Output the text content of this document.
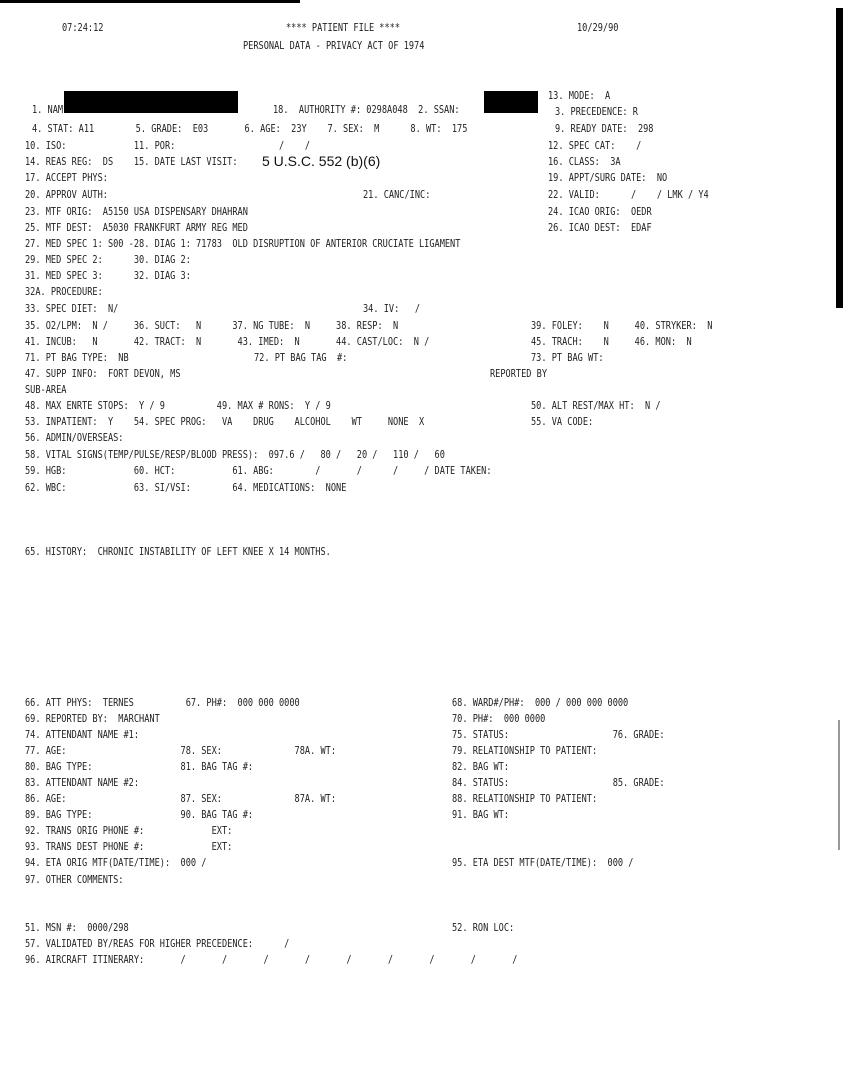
07:24:12	**** PATIENT FILE ****	10/29/90
PERSONAL DATA - PRIVACY ACT OF 1974
13. MODE:  A
1. NAM	18.  AUTHORITY #: 0298A048  2. SSAN:	3. PRECEDENCE: R
4. STAT: A11        5. GRADE:  E03       6. AGE:  23Y    7. SEX:  M      8. WT:  175	9. READY DATE:  298
10. ISO:             11. POR:                    /    /	12. SPEC CAT:    /
14. REAS REG:  DS    15. DATE LAST VISIT: 5 U.S.C. 552 (b)(6)	16. CLASS:  3A
17. ACCEPT PHYS:	19. APPT/SURG DATE:  NO
20. APPROV AUTH:	21. CANC/INC:	22. VALID:      /    / LMK / Y4
23. MTF ORIG:  A5150 USA DISPENSARY DHAHRAN	24. ICAO ORIG:  OEDR
25. MTF DEST:  A5030 FRANKFURT ARMY REG MED	26. ICAO DEST:  EDAF
27. MED SPEC 1: S00 -28. DIAG 1: 71783  OLD DISRUPTION OF ANTERIOR CRUCIATE LIGAMENT
29. MED SPEC 2:      30. DIAG 2:
31. MED SPEC 3:      32. DIAG 3:
32A. PROCEDURE:
33. SPEC DIET:  N/	34. IV:   /
35. O2/LPM:  N /     36. SUCT:   N      37. NG TUBE:  N     38. RESP:  N	39. FOLEY:    N     40. STRYKER:  N
41. INCUB:   N       42. TRACT:  N       43. IMED:  N       44. CAST/LOC:  N /	45. TRACH:    N     46. MON:  N
71. PT BAG TYPE:  NB	72. PT BAG TAG  #:	73. PT BAG WT:
47. SUPP INFO:  FORT DEVON, MS	REPORTED BY
SUB-AREA
48. MAX ENRTE STOPS:  Y / 9          49. MAX # RONS:  Y / 9	50. ALT REST/MAX HT:  N /
53. INPATIENT:  Y    54. SPEC PROG:   VA    DRUG    ALCOHOL    WT     NONE  X	55. VA CODE:
56. ADMIN/OVERSEAS:
58. VITAL SIGNS(TEMP/PULSE/RESP/BLOOD PRESS):  097.6 /   80 /   20 /   110 /   60
59. HGB:             60. HCT:           61. ABG:        /       /      /     / DATE TAKEN:
62. WBC:             63. SI/VSI:        64. MEDICATIONS:  NONE
65. HISTORY:  CHRONIC INSTABILITY OF LEFT KNEE X 14 MONTHS.
66. ATT PHYS:  TERNES          67. PH#:  000 000 0000	68. WARD#/PH#:  000 / 000 000 0000
69. REPORTED BY:  MARCHANT	70. PH#:  000 0000
74. ATTENDANT NAME #1:	75. STATUS:                    76. GRADE:
77. AGE:                      78. SEX:              78A. WT:	79. RELATIONSHIP TO PATIENT:
80. BAG TYPE:                 81. BAG TAG #:	82. BAG WT:
83. ATTENDANT NAME #2:	84. STATUS:                    85. GRADE:
86. AGE:                      87. SEX:              87A. WT:	88. RELATIONSHIP TO PATIENT:
89. BAG TYPE:                 90. BAG TAG #:	91. BAG WT:
92. TRANS ORIG PHONE #:             EXT:
93. TRANS DEST PHONE #:             EXT:
94. ETA ORIG MTF(DATE/TIME):  000 /	95. ETA DEST MTF(DATE/TIME):  000 /
97. OTHER COMMENTS:
51. MSN #:  0000/298	52. RON LOC:
57. VALIDATED BY/REAS FOR HIGHER PRECEDENCE:      /
96. AIRCRAFT ITINERARY:       /       /       /       /       /       /       /       /       /
